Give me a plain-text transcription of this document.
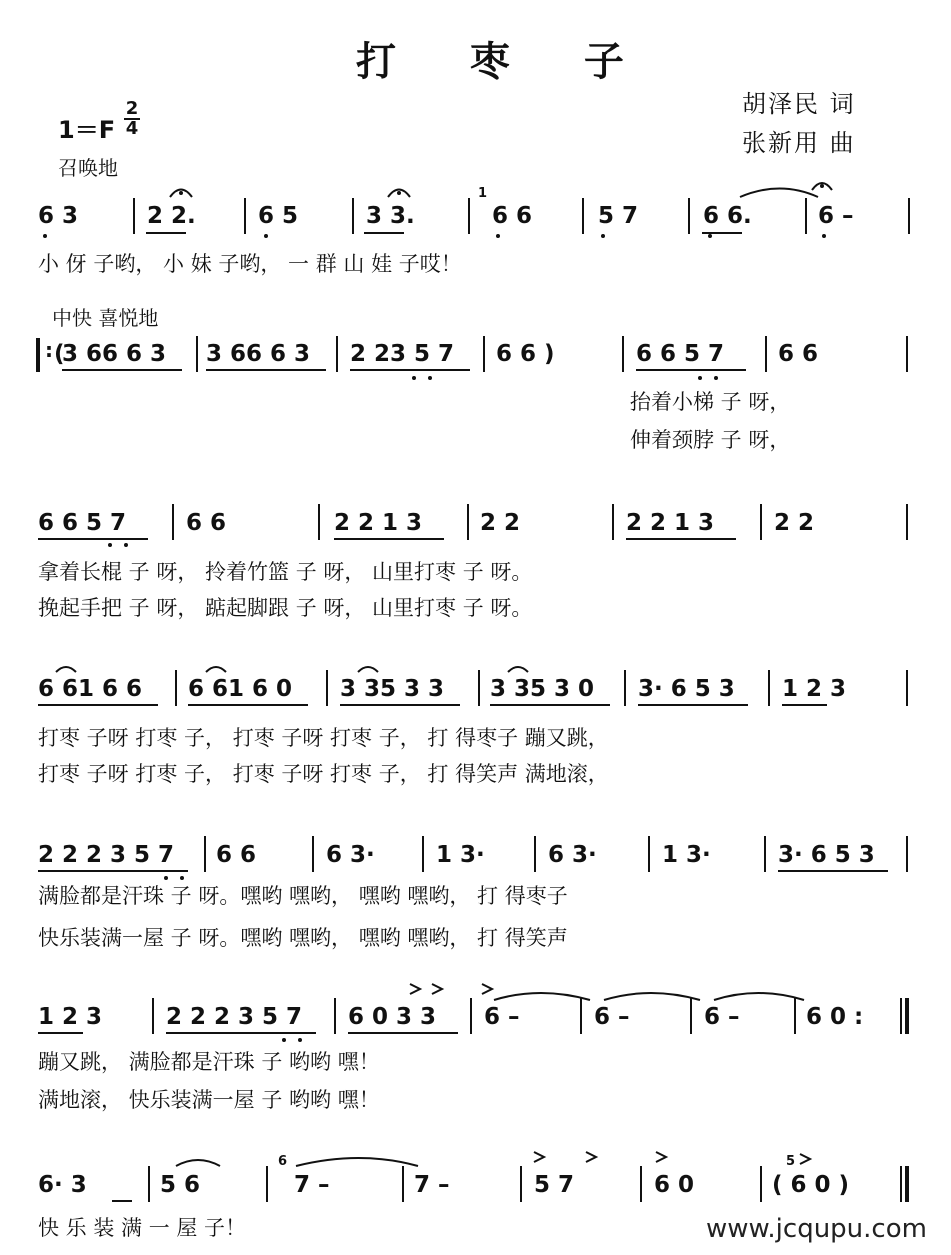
打 枣 子
胡泽民 词
张新用 曲
1＝F
2
4
召唤地
6 3	2 2.	6 5	3 3.
1
6 6	5 7	6 6.	6 –
小 伢 子哟， 小 妹 子哟， 一 群 山 娃 子哎！
中快 喜悦地
: (
3 66 6 3 3 66 6 3 2 23 5 7 6 6 )	6 6 5 7 6 6
抬着小梯 子 呀，
伸着颈脖 子 呀，
6 6 5 7	6 6	2 2 1 3	2 2	2 2 1 3	2 2
拿着长棍 子 呀， 拎着竹篮 子 呀， 山里打枣 子 呀。
挽起手把 子 呀， 踮起脚跟 子 呀， 山里打枣 子 呀。
6 61 6 6 6 61 6 0 3 35 3 3 3 35 3 0 3· 6 5 3 1 2 3
打枣 子呀 打枣 子， 打枣 子呀 打枣 子， 打 得枣子 蹦又跳，
打枣 子呀 打枣 子， 打枣 子呀 打枣 子， 打 得笑声 满地滚，
2 2 2 3 5 7 6 6	6 3·	1 3·	6 3·	1 3·	3· 6 5 3
满脸都是汗珠 子 呀。嘿哟 嘿哟， 嘿哟 嘿哟， 打 得枣子
快乐装满一屋 子 呀。嘿哟 嘿哟， 嘿哟 嘿哟， 打 得笑声
1 2 3	2 2 2 3 5 7 6 0 3 3 6 –	6 –	6 –	6 0 :
蹦又跳， 满脸都是汗珠 子 哟哟 嘿！
满地滚， 快乐装满一屋 子 哟哟 嘿！
6· 3	5 6
6
7 –	7 –	5 7	6 0
5
( 6 0 )
快 乐 装 满 一 屋 子！	www.jcqupu.com
